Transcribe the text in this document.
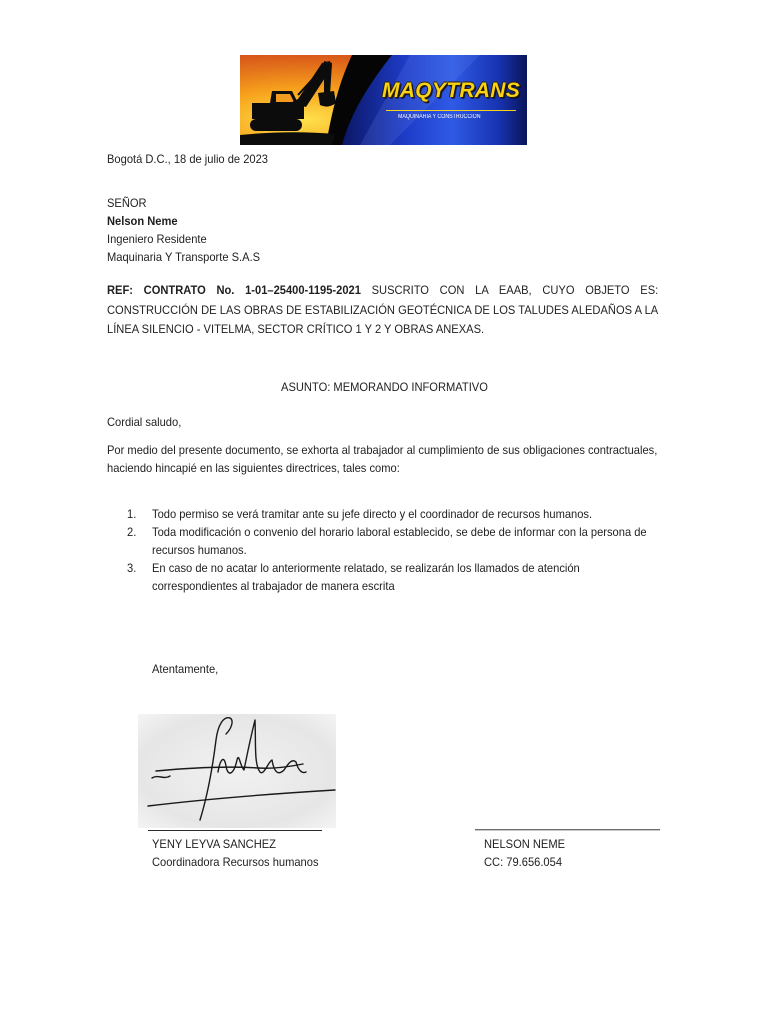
MAQYTRANS
MAQUINARIA Y CONSTRUCCION
Bogotá D.C., 18 de julio de 2023
SEÑOR
Nelson Neme
Ingeniero Residente
Maquinaria Y Transporte S.A.S

REF: CONTRATO No. 1-01–25400-1195-2021 SUSCRITO CON LA EAAB, CUYO OBJETO ES: CONSTRUCCIÓN DE LAS OBRAS DE ESTABILIZACIÓN GEOTÉCNICA DE LOS TALUDES ALEDAÑOS A LA LÍNEA SILENCIO - VITELMA, SECTOR CRÍTICO 1 Y 2 Y OBRAS ANEXAS.

ASUNTO: MEMORANDO INFORMATIVO
Cordial saludo,

Por medio del presente documento, se exhorta al trabajador al cumplimiento de sus obligaciones contractuales, haciendo hincapié en las siguientes directrices, tales como:

1. Todo permiso se verá tramitar ante su jefe directo y el coordinador de recursos humanos.
2. Toda modificación o convenio del horario laboral establecido, se debe de informar con la persona de recursos humanos.
3. En caso de no acatar lo anteriormente relatado, se realizarán los llamados de atención correspondientes al trabajador de manera escrita
Atentamente,
YENY LEYVA SANCHEZ
Coordinadora Recursos humanos
NELSON NEME
CC: 79.656.054
